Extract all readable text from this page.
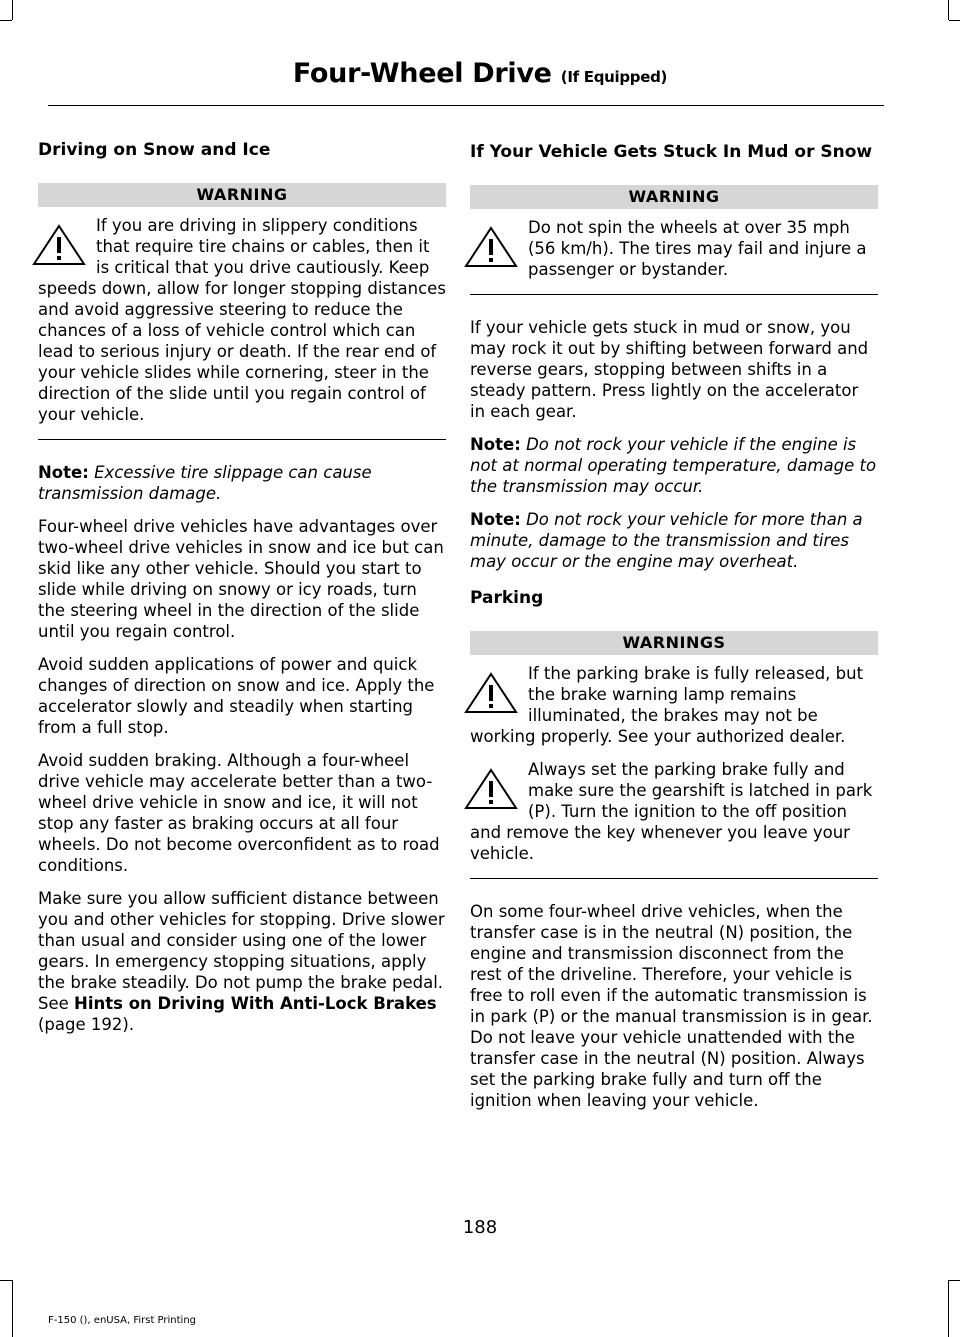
Four-Wheel Drive (If Equipped)
Driving on Snow and Ice
WARNING

If you are driving in slippery conditions that require tire chains or cables, then it is critical that you drive cautiously. Keep speeds down, allow for longer stopping distances and avoid aggressive steering to reduce the chances of a loss of vehicle control which can lead to serious injury or death. If the rear end of your vehicle slides while cornering, steer in the direction of the slide until you regain control of your vehicle.

Note: Excessive tire slippage can cause transmission damage.

Four-wheel drive vehicles have advantages over two-wheel drive vehicles in snow and ice but can skid like any other vehicle. Should you start to slide while driving on snowy or icy roads, turn the steering wheel in the direction of the slide until you regain control.

Avoid sudden applications of power and quick changes of direction on snow and ice. Apply the accelerator slowly and steadily when starting from a full stop.

Avoid sudden braking. Although a four-wheel drive vehicle may accelerate better than a two-wheel drive vehicle in snow and ice, it will not stop any faster as braking occurs at all four wheels. Do not become overconfident as to road conditions.

Make sure you allow sufficient distance between you and other vehicles for stopping. Drive slower than usual and consider using one of the lower gears. In emergency stopping situations, apply the brake steadily. Do not pump the brake pedal. See Hints on Driving With Anti-Lock Brakes (page 192).

If Your Vehicle Gets Stuck In Mud or Snow
WARNING

Do not spin the wheels at over 35 mph (56 km/h). The tires may fail and injure a passenger or bystander.

If your vehicle gets stuck in mud or snow, you may rock it out by shifting between forward and reverse gears, stopping between shifts in a steady pattern. Press lightly on the accelerator in each gear.

Note: Do not rock your vehicle if the engine is not at normal operating temperature, damage to the transmission may occur.

Note: Do not rock your vehicle for more than a minute, damage to the transmission and tires may occur or the engine may overheat.

Parking
WARNINGS

If the parking brake is fully released, but the brake warning lamp remains illuminated, the brakes may not be working properly. See your authorized dealer.

Always set the parking brake fully and make sure the gearshift is latched in park (P). Turn the ignition to the off position and remove the key whenever you leave your vehicle.

On some four-wheel drive vehicles, when the transfer case is in the neutral (N) position, the engine and transmission disconnect from the rest of the driveline. Therefore, your vehicle is free to roll even if the automatic transmission is in park (P) or the manual transmission is in gear. Do not leave your vehicle unattended with the transfer case in the neutral (N) position. Always set the parking brake fully and turn off the ignition when leaving your vehicle.

188
F-150 (), enUSA, First Printing
